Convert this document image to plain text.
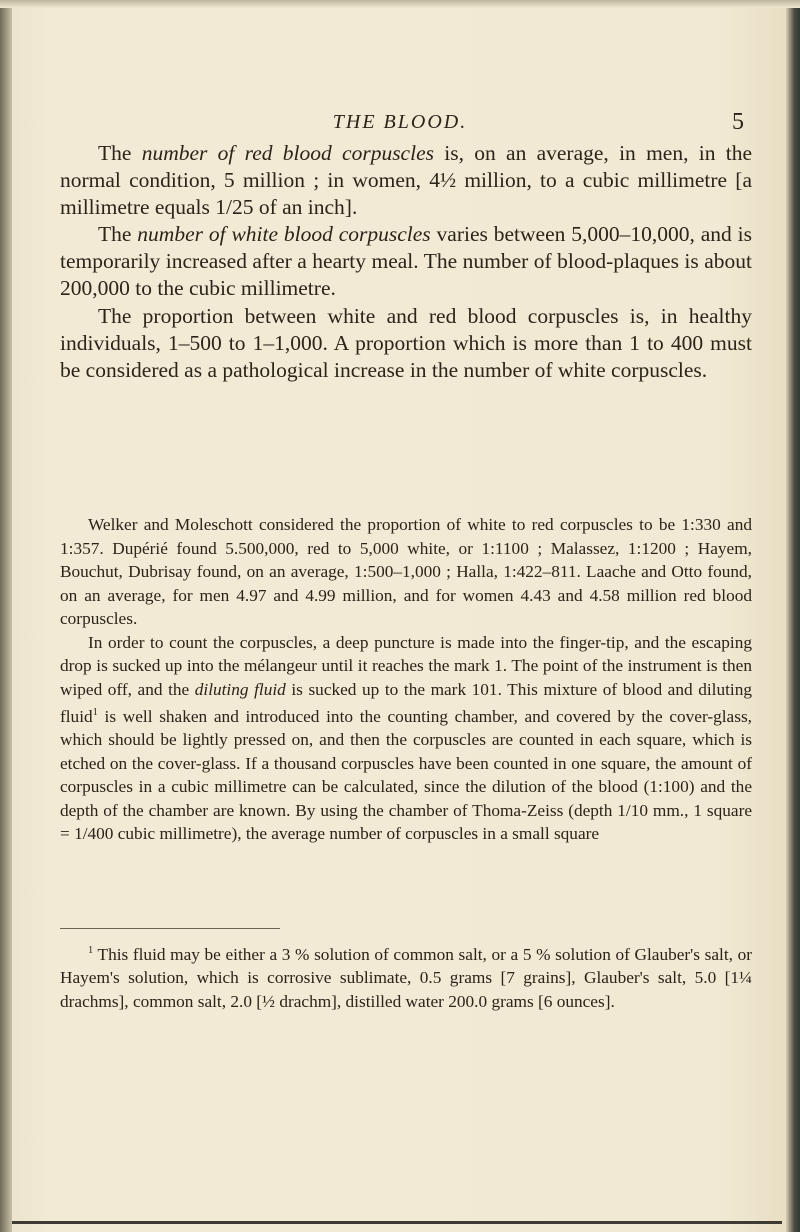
THE BLOOD.	5

The number of red blood corpuscles is, on an average, in men, in the normal condition, 5 million ; in women, 4½ million, to a cubic millimetre [a millimetre equals 1/25 of an inch].

The number of white blood corpuscles varies between 5,000–10,000, and is temporarily increased after a hearty meal. The number of blood-plaques is about 200,000 to the cubic millimetre.

The proportion between white and red blood corpuscles is, in healthy individuals, 1–500 to 1–1,000. A proportion which is more than 1 to 400 must be considered as a pathological increase in the number of white corpuscles.

Welker and Moleschott considered the proportion of white to red corpuscles to be 1:330 and 1:357. Dupérié found 5.500,000, red to 5,000 white, or 1:1100 ; Malassez, 1:1200 ; Hayem, Bouchut, Dubrisay found, on an average, 1:500–1,000 ; Halla, 1:422–811. Laache and Otto found, on an average, for men 4.97 and 4.99 million, and for women 4.43 and 4.58 million red blood corpuscles.

In order to count the corpuscles, a deep puncture is made into the finger-tip, and the escaping drop is sucked up into the mélangeur until it reaches the mark 1. The point of the instrument is then wiped off, and the diluting fluid is sucked up to the mark 101. This mixture of blood and diluting fluid$^1$ is well shaken and introduced into the counting chamber, and covered by the cover-glass, which should be lightly pressed on, and then the corpuscles are counted in each square, which is etched on the cover-glass. If a thousand corpuscles have been counted in one square, the amount of corpuscles in a cubic millimetre can be calculated, since the dilution of the blood (1:100) and the depth of the chamber are known. By using the chamber of Thoma-Zeiss (depth 1/10 mm., 1 square = 1/400 cubic millimetre), the average number of corpuscles in a small square

$^1$ This fluid may be either a 3 % solution of common salt, or a 5 % solution of Glauber's salt, or Hayem's solution, which is corrosive sublimate, 0.5 grams [7 grains], Glauber's salt, 5.0 [1¼ drachms], common salt, 2.0 [½ drachm], distilled water 200.0 grams [6 ounces].
